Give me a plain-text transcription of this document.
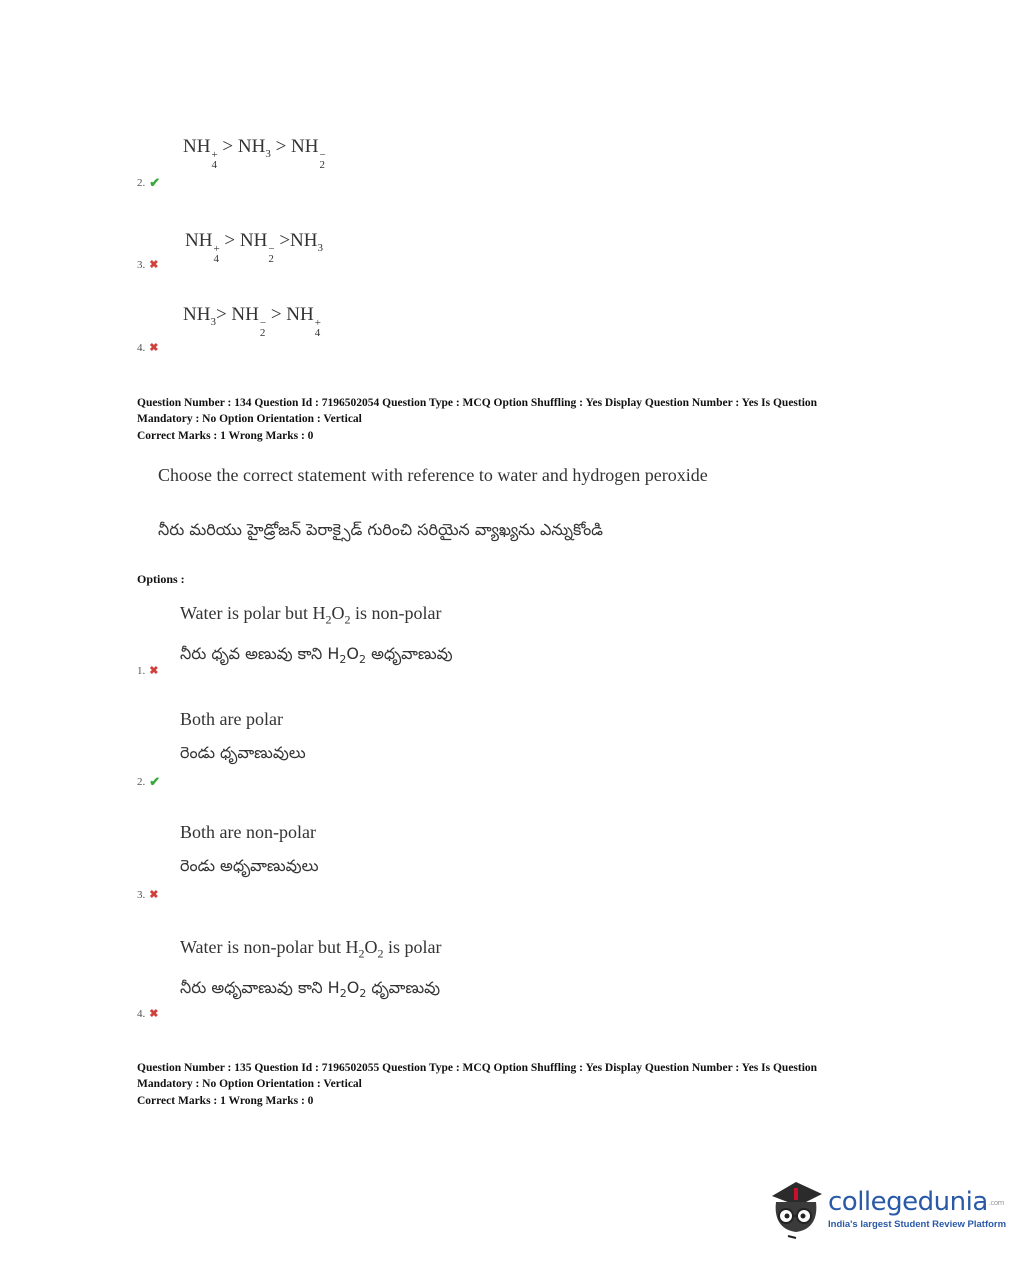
NH +
4
> $NH_3$ > NH −
2
2. ✔
NH +
4
> NH −
2
$>NH_3$
3. ✖
$NH_3>$ NH −
2
> NH +
4
4. ✖
Question Number : 134 Question Id : 7196502054 Question Type : MCQ Option Shuffling : Yes Display Question Number : Yes Is Question
Mandatory : No Option Orientation : Vertical
Correct Marks : 1 Wrong Marks : 0
Choose the correct statement with reference to water and hydrogen peroxide
నీరు మరియు హైడ్రోజన్ పెరాక్సైడ్ గురించి సరియైన వ్యాఖ్యను ఎన్నుకోండి
Options :
Water is polar but $H_2O_2$ is non-polar
నీరు ధృవ అణువు కాని $H_2O_2$ అధృవాణువు
1. ✖
Both are polar
రెండు ధృవాణువులు
2. ✔
Both are non-polar
రెండు అధృవాణువులు
3. ✖
Water is non-polar but $H_2O_2$ is polar
నీరు అధృవాణువు కాని $H_2O_2$ ధృవాణువు
4. ✖
Question Number : 135 Question Id : 7196502055 Question Type : MCQ Option Shuffling : Yes Display Question Number : Yes Is Question
Mandatory : No Option Orientation : Vertical
Correct Marks : 1 Wrong Marks : 0
collegedunia.com
India's largest Student Review Platform
